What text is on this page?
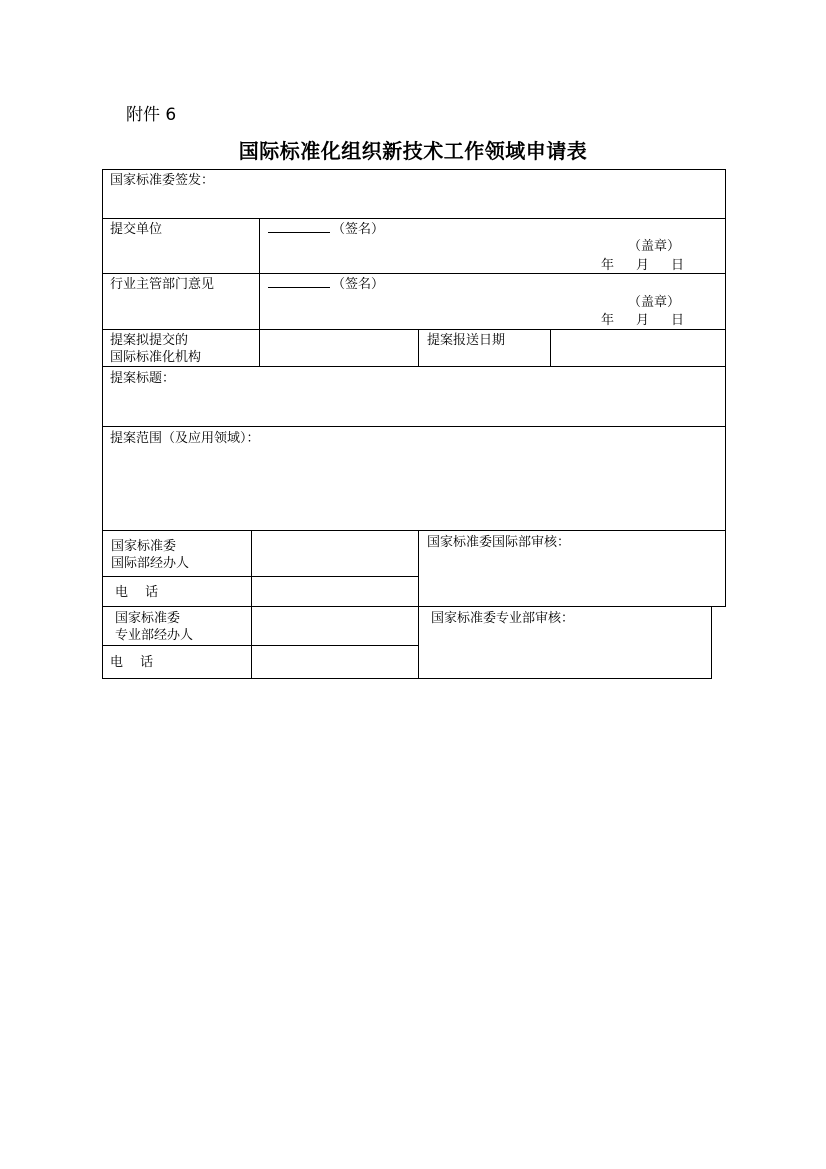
附件 6
国际标准化组织新技术工作领域申请表
国家标准委签发：
提交单位	（签名）
（盖章）
年 月 日
行业主管部门意见	（签名）
（盖章）
年 月 日
提案拟提交的
国际标准化机构
提案报送日期
提案标题：
提案范围（及应用领域）：
国家标准委
国际部经办人
电　 话
国家标准委国际部审核：
国家标准委
专业部经办人
电　 话
国家标准委专业部审核：
